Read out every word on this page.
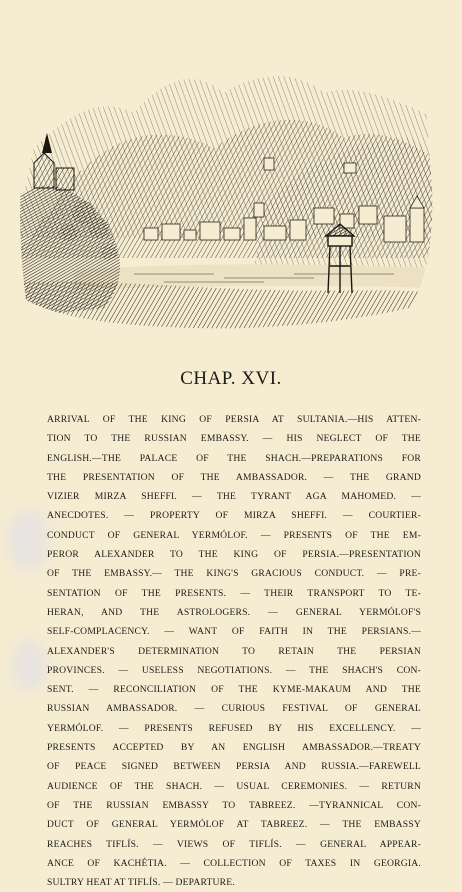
CHAP. XVI.
ARRIVAL OF THE KING OF PERSIA AT SULTANIA.—HIS ATTEN-
TION TO THE RUSSIAN EMBASSY. — HIS NEGLECT OF THE
ENGLISH.—THE PALACE OF THE SHACH.—PREPARATIONS FOR
THE PRESENTATION OF THE AMBASSADOR. — THE GRAND
VIZIER MIRZA SHEFFI. — THE TYRANT AGA MAHOMED. —
ANECDOTES. — PROPERTY OF MIRZA SHEFFI. — COURTIER-
CONDUCT OF GENERAL YERMÓLOF. — PRESENTS OF THE EM-
PEROR ALEXANDER TO THE KING OF PERSIA.—PRESENTATION
OF THE EMBASSY.— THE KING'S GRACIOUS CONDUCT. — PRE-
SENTATION OF THE PRESENTS. — THEIR TRANSPORT TO TE-
HERAN, AND THE ASTROLOGERS. — GENERAL YERMÓLOF'S
SELF-COMPLACENCY. — WANT OF FAITH IN THE PERSIANS.—
ALEXANDER'S DETERMINATION TO RETAIN THE PERSIAN
PROVINCES. — USELESS NEGOTIATIONS. — THE SHACH'S CON-
SENT. — RECONCILIATION OF THE KYME-MAKAUM AND THE
RUSSIAN AMBASSADOR. — CURIOUS FESTIVAL OF GENERAL
YERMÓLOF. — PRESENTS REFUSED BY HIS EXCELLENCY. —
PRESENTS ACCEPTED BY AN ENGLISH AMBASSADOR.—TREATY
OF PEACE SIGNED BETWEEN PERSIA AND RUSSIA.—FAREWELL
AUDIENCE OF THE SHACH. — USUAL CEREMONIES. — RETURN
OF THE RUSSIAN EMBASSY TO TABREEZ. —TYRANNICAL CON-
DUCT OF GENERAL YERMÓLOF AT TABREEZ. — THE EMBASSY
REACHES TIFLÍS. — VIEWS OF TIFLÍS. — GENERAL APPEAR-
ANCE OF KACHÉTIA. — COLLECTION OF TAXES IN GEORGIA.
SULTRY HEAT AT TIFLÍS. — DEPARTURE.
